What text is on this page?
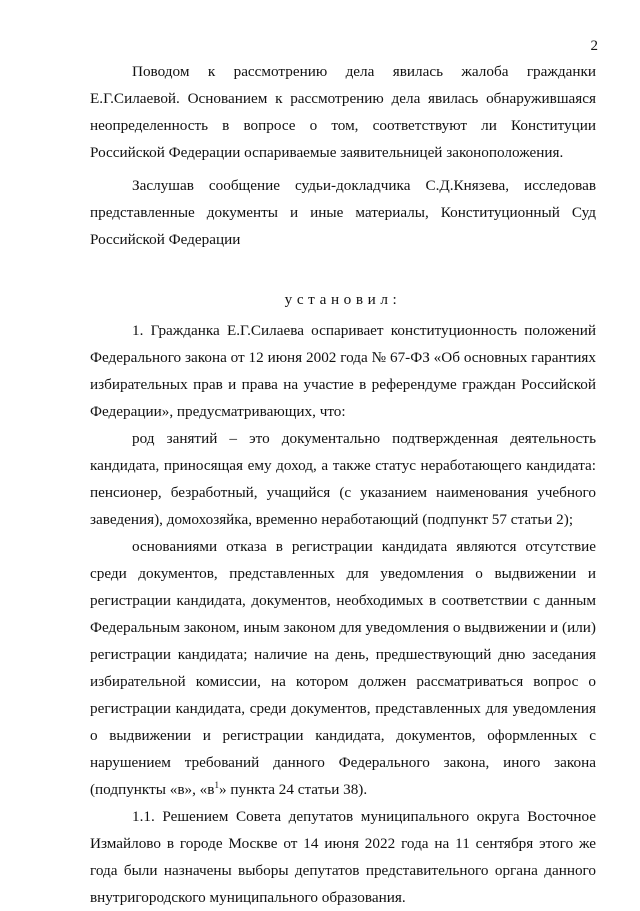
2

Поводом к рассмотрению дела явилась жалоба гражданки Е.Г.Силаевой. Основанием к рассмотрению дела явилась обнаружившаяся неопределенность в вопросе о том, соответствуют ли Конституции Российской Федерации оспариваемые заявительницей законоположения.

Заслушав сообщение судьи-докладчика С.Д.Князева, исследовав представленные документы и иные материалы, Конституционный Суд Российской Федерации

установил:

1. Гражданка Е.Г.Силаева оспаривает конституционность положений Федерального закона от 12 июня 2002 года № 67-ФЗ «Об основных гарантиях избирательных прав и права на участие в референдуме граждан Российской Федерации», предусматривающих, что:

род занятий – это документально подтвержденная деятельность кандидата, приносящая ему доход, а также статус неработающего кандидата: пенсионер, безработный, учащийся (с указанием наименования учебного заведения), домохозяйка, временно неработающий (подпункт 57 статьи 2);

основаниями отказа в регистрации кандидата являются отсутствие среди документов, представленных для уведомления о выдвижении и регистрации кандидата, документов, необходимых в соответствии с данным Федеральным законом, иным законом для уведомления о выдвижении и (или) регистрации кандидата; наличие на день, предшествующий дню заседания избирательной комиссии, на котором должен рассматриваться вопрос о регистрации кандидата, среди документов, представленных для уведомления о выдвижении и регистрации кандидата, документов, оформленных с нарушением требований данного Федерального закона, иного закона (подпункты «в», «$в^1$» пункта 24 статьи 38).

1.1. Решением Совета депутатов муниципального округа Восточное Измайлово в городе Москве от 14 июня 2022 года на 11 сентября этого же года были назначены выборы депутатов представительного органа данного внутригородского муниципального образования.
